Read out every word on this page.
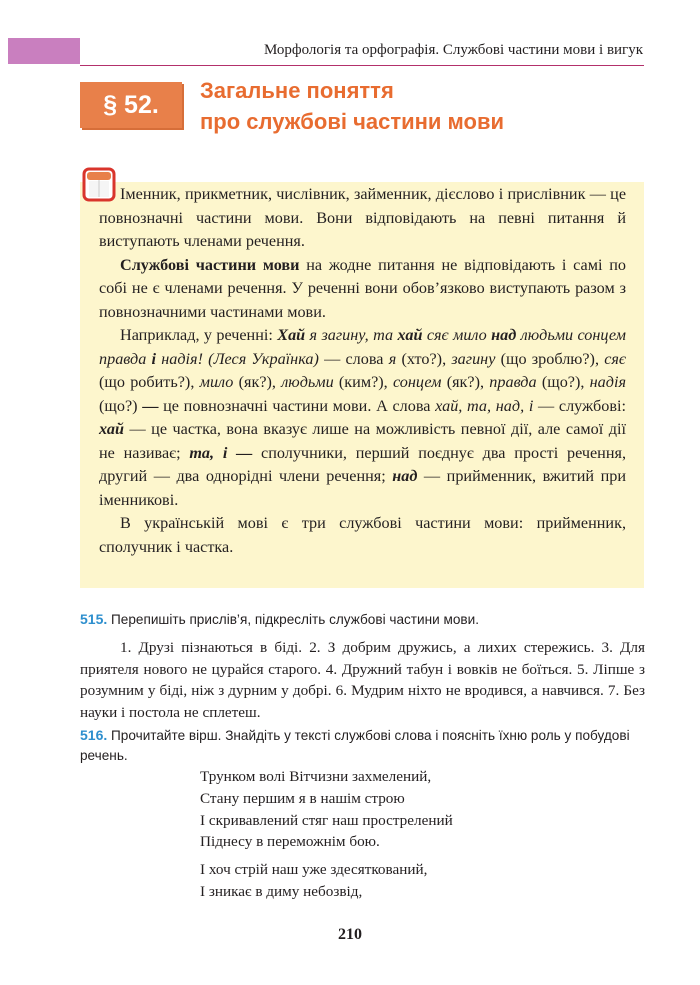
Морфологія та орфографія. Службові частини мови і вигук
§ 52.	Загальне поняття
про службові частини мови

Іменник, прикметник, числівник, займенник, дієслово і прислівник — це повнозначні частини мови. Вони відповідають на певні питання й виступають членами речення.

Службові частини мови на жодне питання не відповідають і самі по собі не є членами речення. У реченні вони обов’язково виступають разом з повнозначними частинами мови.

Наприклад, у реченні: Хай я загину, та хай сяє мило над людьми сонцем правда і надія! (Леся Українка) — слова я (хто?), загину (що зроблю?), сяє (що робить?), мило (як?), людьми (ким?), сонцем (як?), правда (що?), надія (що?) — це повнозначні частини мови. А слова хай, та, над, і — службові: хай — це частка, вона вказує лише на можливість певної дії, але самої дії не називає; та, і — сполучники, перший поєднує два прості речення, другий — два однорідні члени речення; над — прийменник, вжитий при іменникові.

В українській мові є три службові частини мови: прийменник, сполучник і частка.

515. Перепишіть прислів’я, підкресліть службові частини мови.

1. Друзі пізнаються в біді. 2. З добрим дружись, а лихих стережись. 3. Для приятеля нового не цурайся старого. 4. Дружний табун і вовків не боїться. 5. Ліпше з розумним у біді, ніж з дурним у добрі. 6. Мудрим ніхто не вродився, а навчився. 7. Без науки і постола не сплетеш.

516. Прочитайте вірш. Знайдіть у тексті службові слова і поясніть їхню роль у побудові речень.
Трунком волі Вітчизни захмелений,
Стану першим я в нашім строю
І скривавлений стяг наш прострелений
Піднесу в переможнім бою.
І хоч стрій наш уже здесяткований,
І зникає в диму небозвід,
210
